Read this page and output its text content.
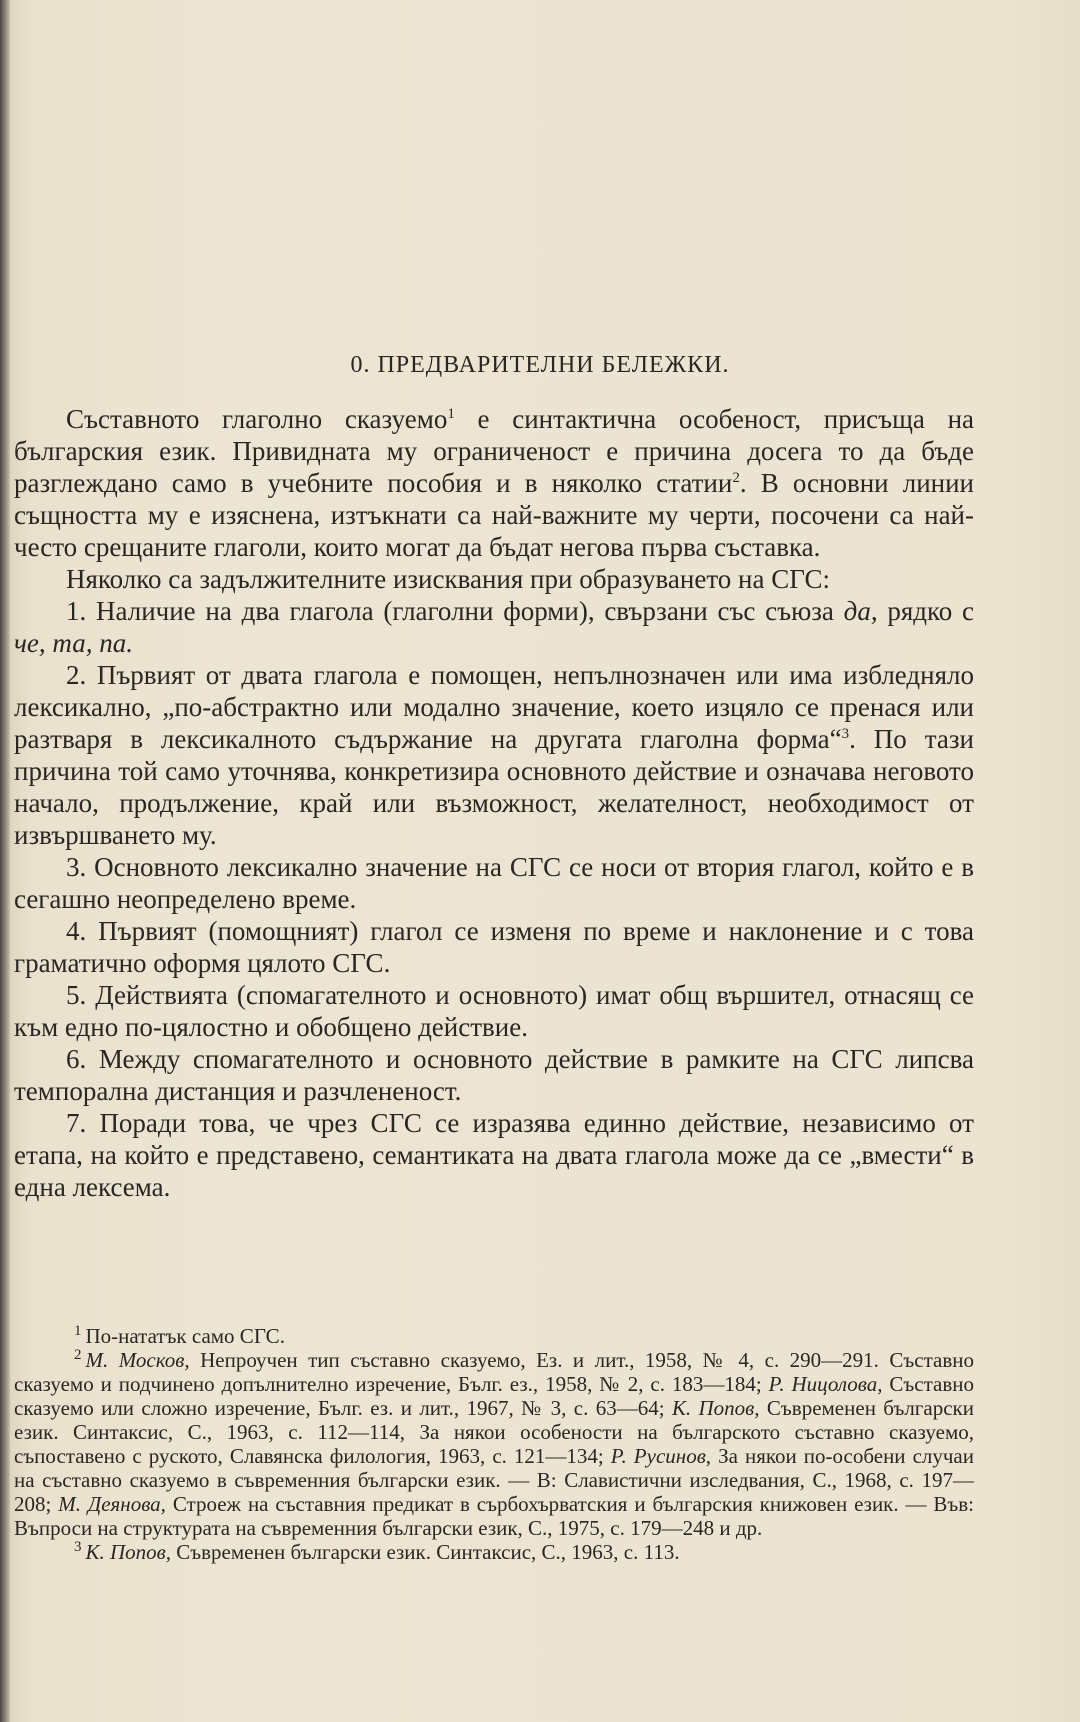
0. ПРЕДВАРИТЕЛНИ БЕЛЕЖКИ.

Съставното глаголно сказуемо$^1$ е синтактична особеност, присъща на българския език. Привидната му ограниченост е причина досега то да бъде разглеждано само в учебните пособия и в няколко статии$^2$. В основни линии същността му е изяснена, изтъкнати са най-важните му черти, посочени са най-често срещаните глаголи, които могат да бъдат негова първа съставка.

Няколко са задължителните изисквания при образуването на СГС:

1. Наличие на два глагола (глаголни форми), свързани със съюза да, рядко с че, та, па.

2. Първият от двата глагола е помощен, непълнозначен или има избледняло лексикално, „по-абстрактно или модално значение, което изцяло се пренася или разтваря в лексикалното съдържание на другата глаголна форма“$^3$. По тази причина той само уточнява, конкретизира основното действие и означава неговото начало, продължение, край или възможност, желателност, необходимост от извършването му.

3. Основното лексикално значение на СГС се носи от втория глагол, който е в сегашно неопределено време.

4. Първият (помощният) глагол се изменя по време и наклонение и с това граматично оформя цялото СГС.

5. Действията (спомагателното и основното) имат общ вършител, отнасящ се към едно по-цялостно и обобщено действие.

6. Между спомагателното и основното действие в рамките на СГС липсва темпорална дистанция и разчлененост.

7. Поради това, че чрез СГС се изразява единно действие, независимо от етапа, на който е представено, семантиката на двата глагола може да се „вмести“ в една лексема.

$^1$ По-нататък само СГС.

$^2$ М. Москов, Непроучен тип съставно сказуемо, Ез. и лит., 1958, № 4, с. 290—291. Съставно сказуемо и подчинено допълнително изречение, Бълг. ез., 1958, № 2, с. 183—184; Р. Ницолова, Съставно сказуемо или сложно изречение, Бълг. ез. и лит., 1967, № 3, с. 63—64; К. Попов, Съвременен български език. Синтаксис, С., 1963, с. 112—114, За някои особености на българското съставно сказуемо, съпоставено с руското, Славянска филология, 1963, с. 121—134; Р. Русинов, За някои по-особени случаи на съставно сказуемо в съвременния български език. — В: Славистични изследвания, С., 1968, с. 197—208; М. Деянова, Строеж на съставния предикат в сърбохърватския и българския книжовен език. — Във: Въпроси на структурата на съвременния български език, С., 1975, с. 179—248 и др.

$^3$ К. Попов, Съвременен български език. Синтаксис, С., 1963, с. 113.
